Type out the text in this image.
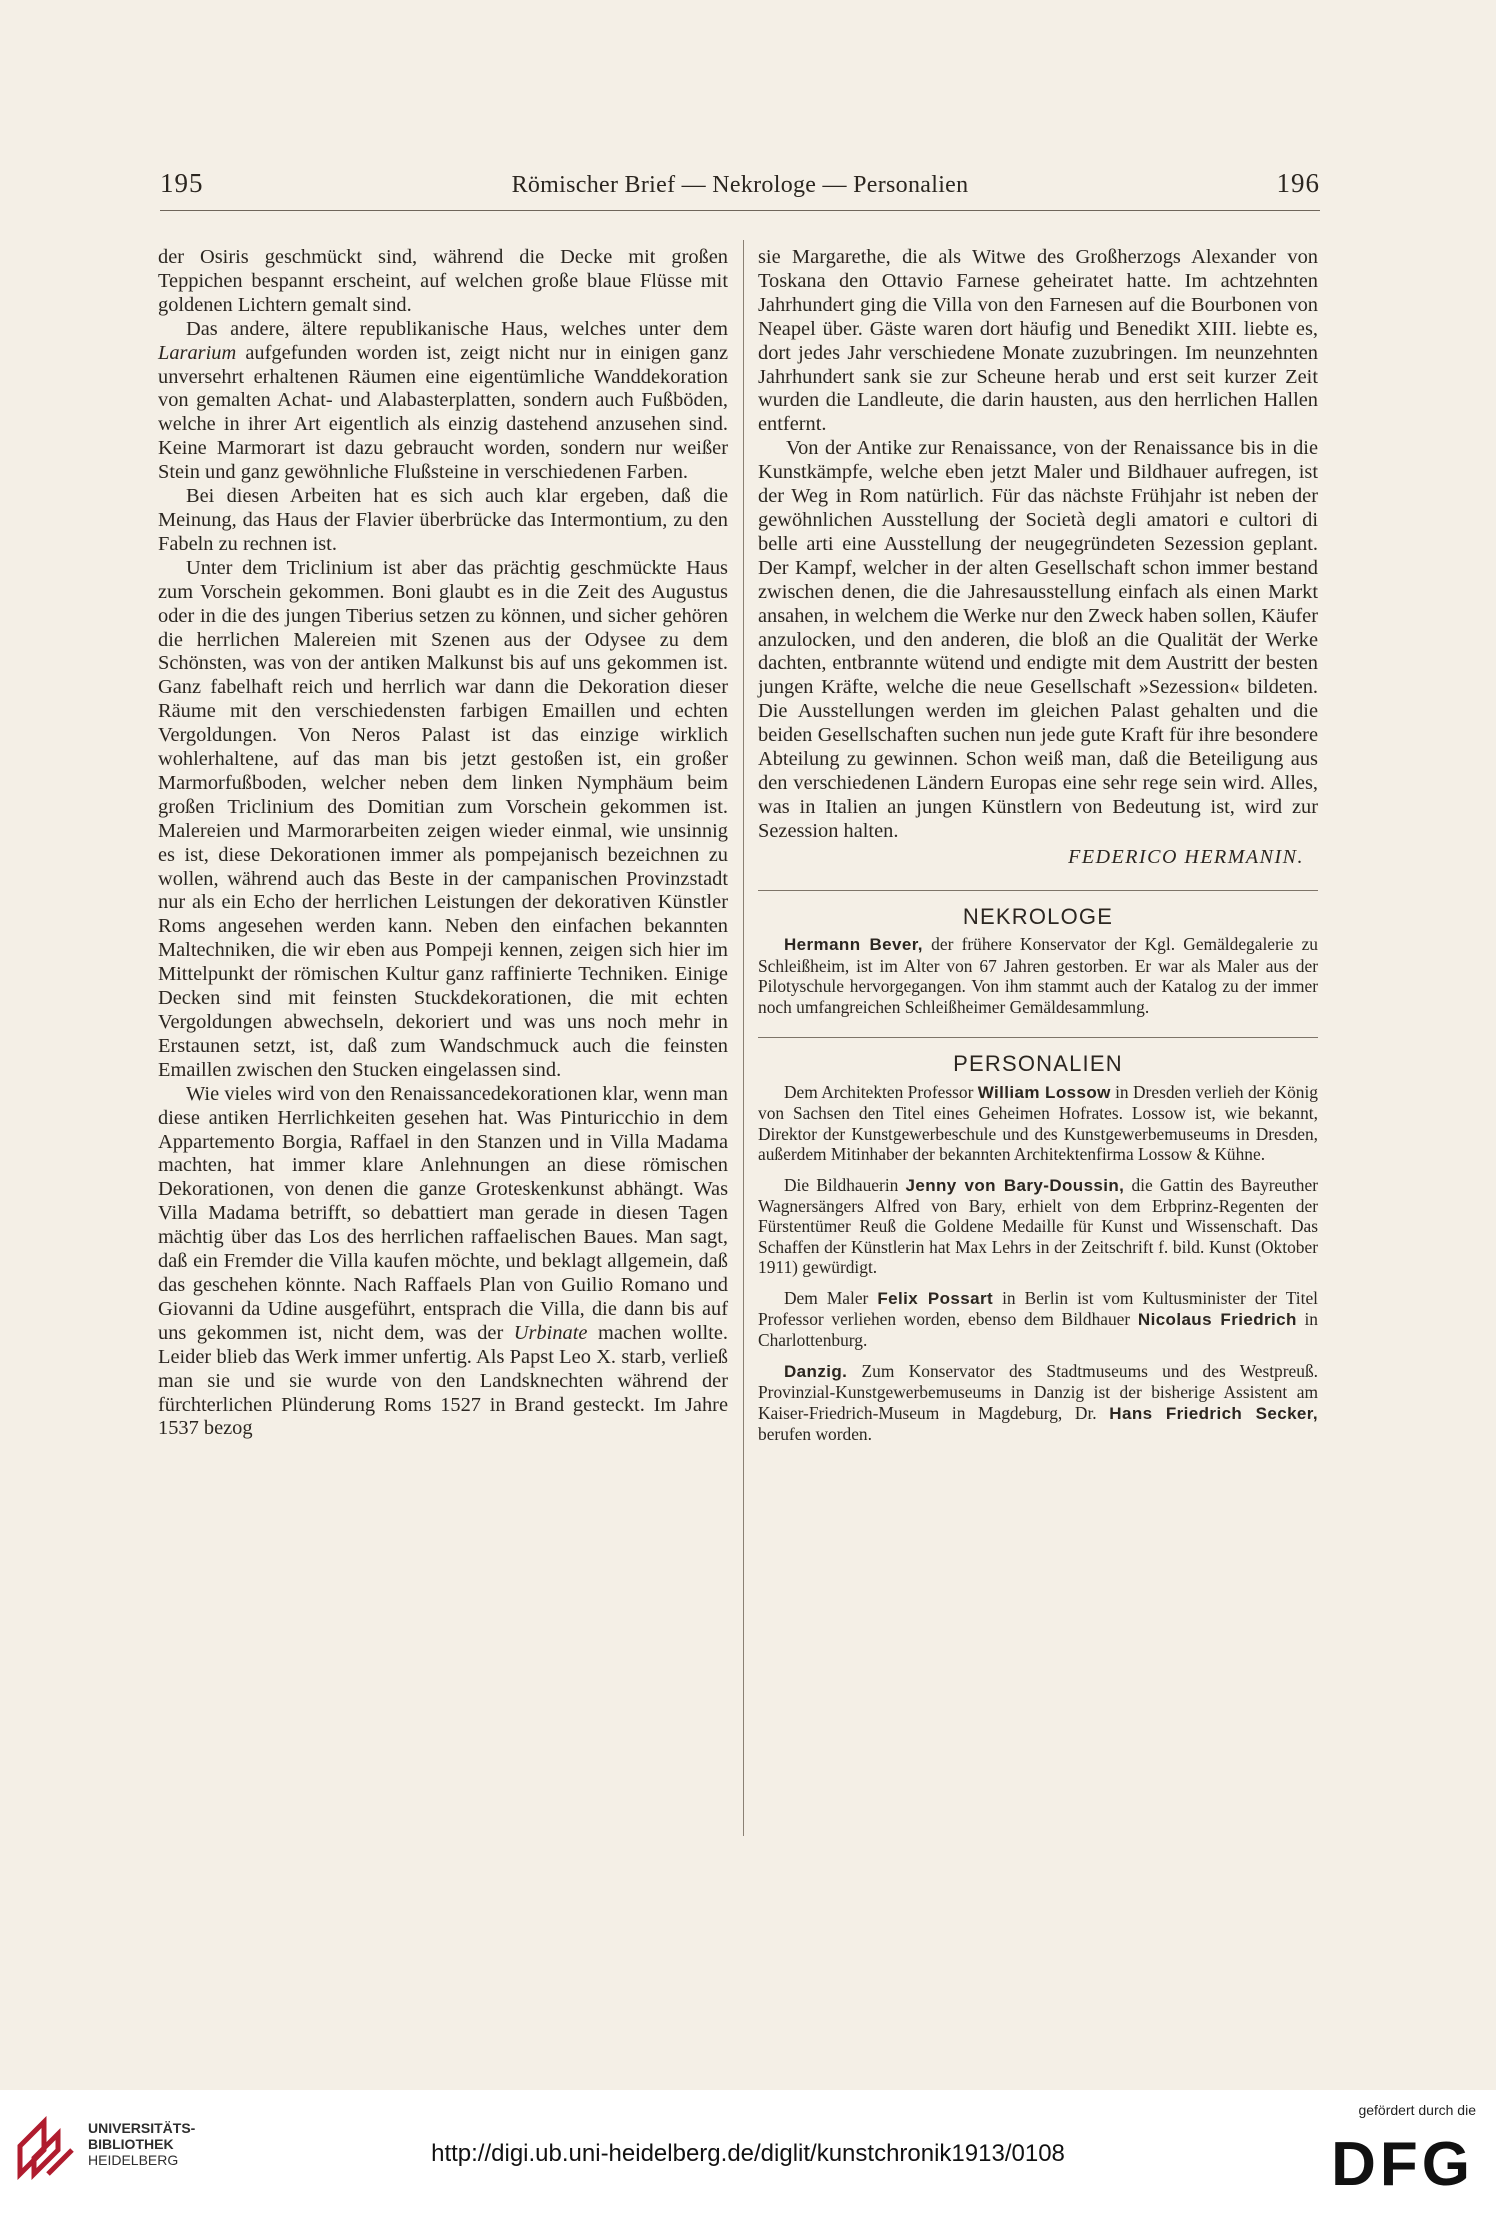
195	Römischer Brief — Nekrologe — Personalien	196

der Osiris geschmückt sind, während die Decke mit großen Teppichen bespannt erscheint, auf welchen große blaue Flüsse mit goldenen Lichtern gemalt sind.

Das andere, ältere republikanische Haus, welches unter dem Lararium aufgefunden worden ist, zeigt nicht nur in einigen ganz unversehrt erhaltenen Räumen eine eigentümliche Wanddekoration von gemalten Achat- und Alabasterplatten, sondern auch Fußböden, welche in ihrer Art eigentlich als einzig dastehend anzusehen sind. Keine Marmorart ist dazu gebraucht worden, sondern nur weißer Stein und ganz gewöhnliche Flußsteine in verschiedenen Farben.

Bei diesen Arbeiten hat es sich auch klar ergeben, daß die Meinung, das Haus der Flavier überbrücke das Intermontium, zu den Fabeln zu rechnen ist.

Unter dem Triclinium ist aber das prächtig geschmückte Haus zum Vorschein gekommen. Boni glaubt es in die Zeit des Augustus oder in die des jungen Tiberius setzen zu können, und sicher gehören die herrlichen Malereien mit Szenen aus der Odysee zu dem Schönsten, was von der antiken Malkunst bis auf uns gekommen ist. Ganz fabelhaft reich und herrlich war dann die Dekoration dieser Räume mit den verschiedensten farbigen Emaillen und echten Vergoldungen. Von Neros Palast ist das einzige wirklich wohlerhaltene, auf das man bis jetzt gestoßen ist, ein großer Marmorfußboden, welcher neben dem linken Nymphäum beim großen Triclinium des Domitian zum Vorschein gekommen ist. Malereien und Marmorarbeiten zeigen wieder einmal, wie unsinnig es ist, diese Dekorationen immer als pompejanisch bezeichnen zu wollen, während auch das Beste in der campanischen Provinzstadt nur als ein Echo der herrlichen Leistungen der dekorativen Künstler Roms angesehen werden kann. Neben den einfachen bekannten Maltechniken, die wir eben aus Pompeji kennen, zeigen sich hier im Mittelpunkt der römischen Kultur ganz raffinierte Techniken. Einige Decken sind mit feinsten Stuckdekorationen, die mit echten Vergoldungen abwechseln, dekoriert und was uns noch mehr in Erstaunen setzt, ist, daß zum Wandschmuck auch die feinsten Emaillen zwischen den Stucken eingelassen sind.

Wie vieles wird von den Renaissancedekorationen klar, wenn man diese antiken Herrlichkeiten gesehen hat. Was Pinturicchio in dem Appartemento Borgia, Raffael in den Stanzen und in Villa Madama machten, hat immer klare Anlehnungen an diese römischen Dekorationen, von denen die ganze Groteskenkunst abhängt. Was Villa Madama betrifft, so debattiert man gerade in diesen Tagen mächtig über das Los des herrlichen raffaelischen Baues. Man sagt, daß ein Fremder die Villa kaufen möchte, und beklagt allgemein, daß das geschehen könnte. Nach Raffaels Plan von Guilio Romano und Giovanni da Udine ausgeführt, entsprach die Villa, die dann bis auf uns gekommen ist, nicht dem, was der Urbinate machen wollte. Leider blieb das Werk immer unfertig. Als Papst Leo X. starb, verließ man sie und sie wurde von den Landsknechten während der fürchterlichen Plünderung Roms 1527 in Brand gesteckt. Im Jahre 1537 bezog

sie Margarethe, die als Witwe des Großherzogs Alexander von Toskana den Ottavio Farnese geheiratet hatte. Im achtzehnten Jahrhundert ging die Villa von den Farnesen auf die Bourbonen von Neapel über. Gäste waren dort häufig und Benedikt XIII. liebte es, dort jedes Jahr verschiedene Monate zuzubringen. Im neunzehnten Jahrhundert sank sie zur Scheune herab und erst seit kurzer Zeit wurden die Landleute, die darin hausten, aus den herrlichen Hallen entfernt.

Von der Antike zur Renaissance, von der Renaissance bis in die Kunstkämpfe, welche eben jetzt Maler und Bildhauer aufregen, ist der Weg in Rom natürlich. Für das nächste Frühjahr ist neben der gewöhnlichen Ausstellung der Società degli amatori e cultori di belle arti eine Ausstellung der neugegründeten Sezession geplant. Der Kampf, welcher in der alten Gesellschaft schon immer bestand zwischen denen, die die Jahresausstellung einfach als einen Markt ansahen, in welchem die Werke nur den Zweck haben sollen, Käufer anzulocken, und den anderen, die bloß an die Qualität der Werke dachten, entbrannte wütend und endigte mit dem Austritt der besten jungen Kräfte, welche die neue Gesellschaft »Sezession« bildeten. Die Ausstellungen werden im gleichen Palast gehalten und die beiden Gesellschaften suchen nun jede gute Kraft für ihre besondere Abteilung zu gewinnen. Schon weiß man, daß die Beteiligung aus den verschiedenen Ländern Europas eine sehr rege sein wird. Alles, was in Italien an jungen Künstlern von Bedeutung ist, wird zur Sezession halten.

FEDERICO HERMANIN.
NEKROLOGE

Hermann Bever, der frühere Konservator der Kgl. Gemäldegalerie zu Schleißheim, ist im Alter von 67 Jahren gestorben. Er war als Maler aus der Pilotyschule hervorgegangen. Von ihm stammt auch der Katalog zu der immer noch umfangreichen Schleißheimer Gemäldesammlung.

PERSONALIEN

Dem Architekten Professor William Lossow in Dresden verlieh der König von Sachsen den Titel eines Geheimen Hofrates. Lossow ist, wie bekannt, Direktor der Kunstgewerbeschule und des Kunstgewerbemuseums in Dresden, außerdem Mitinhaber der bekannten Architektenfirma Lossow & Kühne.

Die Bildhauerin Jenny von Bary-Doussin, die Gattin des Bayreuther Wagnersängers Alfred von Bary, erhielt von dem Erbprinz-Regenten der Fürstentümer Reuß die Goldene Medaille für Kunst und Wissenschaft. Das Schaffen der Künstlerin hat Max Lehrs in der Zeitschrift f. bild. Kunst (Oktober 1911) gewürdigt.

Dem Maler Felix Possart in Berlin ist vom Kultusminister der Titel Professor verliehen worden, ebenso dem Bildhauer Nicolaus Friedrich in Charlottenburg.

Danzig. Zum Konservator des Stadtmuseums und des Westpreuß. Provinzial-Kunstgewerbemuseums in Danzig ist der bisherige Assistent am Kaiser-Friedrich-Museum in Magdeburg, Dr. Hans Friedrich Secker, berufen worden.

UNIVERSITÄTS-
BIBLIOTHEK
HEIDELBERG	http://digi.ub.uni-heidelberg.de/diglit/kunstchronik1913/0108
gefördert durch die
DFG
